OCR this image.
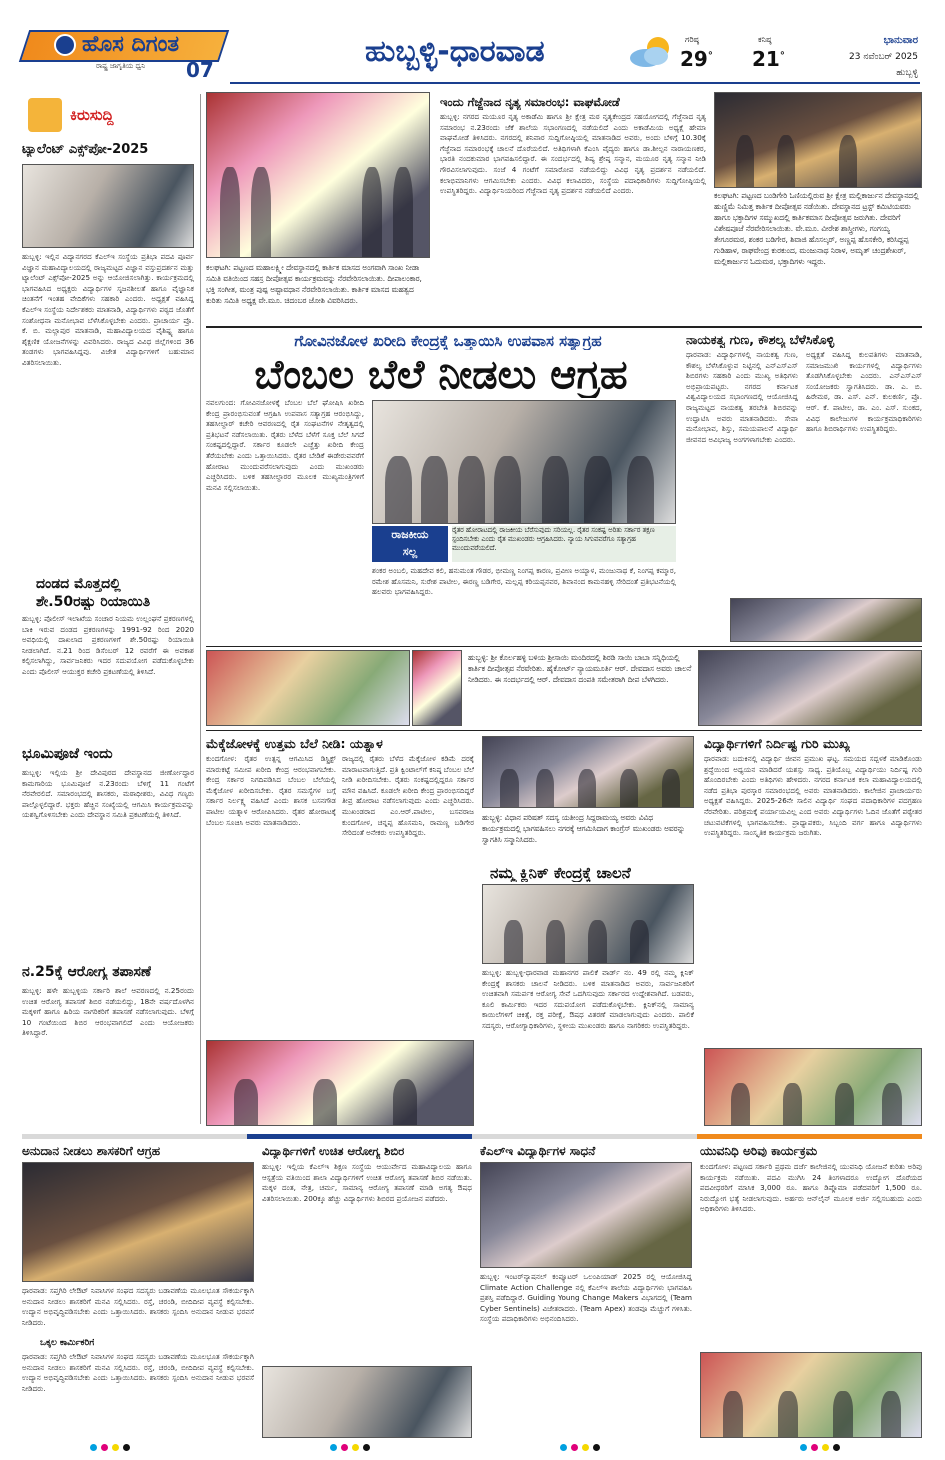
ಹೊಸ ದಿಗಂತ
ರಾಷ್ಟ್ರ ಜಾಗೃತಿಯ ಧ್ವನಿ 07
ಹುಬ್ಬಳ್ಳಿ-ಧಾರವಾಡ	ಗರಿಷ್ಠ
29°
ಕನಿಷ್ಠ
21°
ಭಾನುವಾರ
23 ನವೆಂಬರ್ 2025
ಹುಬ್ಬಳ್ಳಿ
ಕಿರುಸುದ್ದಿ
ಟ್ಯಾಲೆಂಟ್ ಎಕ್ಸ್‌ಪೋ-2025
ಹುಬ್ಬಳ್ಳಿ: ಇಲ್ಲಿನ ವಿದ್ಯಾನಗರದ ಕೆಎಲ್‌ಇ ಸಂಸ್ಥೆಯ ಪ್ರತಿಭಾ ಪದವಿ ಪೂರ್ವ ವಿಜ್ಞಾನ ಮಹಾವಿದ್ಯಾಲಯದಲ್ಲಿ ರಾಜ್ಯಮಟ್ಟದ ವಿಜ್ಞಾನ ವಸ್ತುಪ್ರದರ್ಶನ ಮತ್ತು ಟ್ಯಾಲೆಂಟ್ ಎಕ್ಸ್‌ಪೋ-2025 ಅನ್ನು ಆಯೋಜಿಸಲಾಗಿತ್ತು. ಕಾರ್ಯಕ್ರಮದಲ್ಲಿ ಭಾಗವಹಿಸಿದ ಅಧ್ಯಕ್ಷರು ವಿದ್ಯಾರ್ಥಿಗಳ ಸೃಜನಶೀಲತೆ ಹಾಗೂ ವೈಜ್ಞಾನಿಕ ಚಿಂತನೆಗೆ ಇಂತಹ ವೇದಿಕೆಗಳು ಸಹಕಾರಿ ಎಂದರು. ಅಧ್ಯಕ್ಷತೆ ವಹಿಸಿದ್ದ ಕೆಎಲ್‌ಇ ಸಂಸ್ಥೆಯ ನಿರ್ದೇಶಕರು ಮಾತನಾಡಿ, ವಿದ್ಯಾರ್ಥಿಗಳು ಪಠ್ಯದ ಜೊತೆಗೆ ಸಂಶೋಧನಾ ಮನೋಭಾವ ಬೆಳೆಸಿಕೊಳ್ಳಬೇಕು ಎಂದರು. ಪ್ರಾಚಾರ್ಯ ಪ್ರೊ. ಕೆ. ಬಿ. ಮಲ್ಲಾಪುರ ಮಾತನಾಡಿ, ಮಹಾವಿದ್ಯಾಲಯದ ವೈಶಿಷ್ಟ್ಯ ಹಾಗೂ ಶೈಕ್ಷಣಿಕ ಯೋಜನೆಗಳನ್ನು ವಿವರಿಸಿದರು. ರಾಜ್ಯದ ವಿವಿಧ ಜಿಲ್ಲೆಗಳಿಂದ 36 ತಂಡಗಳು ಭಾಗವಹಿಸಿದ್ದವು. ವಿಜೇತ ವಿದ್ಯಾರ್ಥಿಗಳಿಗೆ ಬಹುಮಾನ ವಿತರಿಸಲಾಯಿತು.
ದಂಡದ ಮೊತ್ತದಲ್ಲಿ
ಶೇ.50ರಷ್ಟು ರಿಯಾಯಿತಿ
ಹುಬ್ಬಳ್ಳಿ: ಪೊಲೀಸ್ ಇಲಾಖೆಯ ಸಂಚಾರ ನಿಯಮ ಉಲ್ಲಂಘನೆ ಪ್ರಕರಣಗಳಲ್ಲಿ ಬಾಕಿ ಇರುವ ದಂಡದ ಪ್ರಕರಣಗಳನ್ನು 1991-92 ರಿಂದ 2020 ಅವಧಿಯಲ್ಲಿ ದಾಖಲಾದ ಪ್ರಕರಣಗಳಿಗೆ ಶೇ.50ರಷ್ಟು ರಿಯಾಯಿತಿ ನೀಡಲಾಗಿದೆ. ನ.21 ರಿಂದ ಡಿಸೆಂಬರ್ 12 ರವರೆಗೆ ಈ ಅವಕಾಶ ಕಲ್ಪಿಸಲಾಗಿದ್ದು, ಸಾರ್ವಜನಿಕರು ಇದರ ಸದುಪಯೋಗ ಪಡೆದುಕೊಳ್ಳಬೇಕು ಎಂದು ಪೊಲೀಸ್ ಆಯುಕ್ತರ ಕಚೇರಿ ಪ್ರಕಟಣೆಯಲ್ಲಿ ತಿಳಿಸಿದೆ.
ಭೂಮಿಪೂಜೆ ಇಂದು
ಹುಬ್ಬಳ್ಳಿ: ಇಲ್ಲಿಯ ಶ್ರೀ ದೇವಿಪುರದ ದೇವಸ್ಥಾನದ ಜೀರ್ಣೋದ್ಧಾರ ಕಾಮಗಾರಿಯ ಭೂಮಿಪೂಜೆ ನ.23ರಂದು ಬೆಳಿಗ್ಗೆ 11 ಗಂಟೆಗೆ ನೆರವೇರಲಿದೆ. ಸಮಾರಂಭದಲ್ಲಿ ಶಾಸಕರು, ಮಠಾಧೀಶರು, ವಿವಿಧ ಗಣ್ಯರು ಪಾಲ್ಗೊಳ್ಳಲಿದ್ದಾರೆ. ಭಕ್ತರು ಹೆಚ್ಚಿನ ಸಂಖ್ಯೆಯಲ್ಲಿ ಆಗಮಿಸಿ ಕಾರ್ಯಕ್ರಮವನ್ನು ಯಶಸ್ವಿಗೊಳಿಸಬೇಕು ಎಂದು ದೇವಸ್ಥಾನ ಸಮಿತಿ ಪ್ರಕಟಣೆಯಲ್ಲಿ ತಿಳಿಸಿದೆ.
ನ.25ಕ್ಕೆ ಆರೋಗ್ಯ ತಪಾಸಣೆ
ಹುಬ್ಬಳ್ಳಿ: ಹಳೇ ಹುಬ್ಬಳ್ಳಿಯ ಸರ್ಕಾರಿ ಶಾಲೆ ಆವರಣದಲ್ಲಿ ನ.25ರಂದು ಉಚಿತ ಆರೋಗ್ಯ ತಪಾಸಣೆ ಶಿಬಿರ ನಡೆಯಲಿದ್ದು, 18ನೇ ವರ್ಷದೊಳಗಿನ ಮಕ್ಕಳಿಗೆ ಹಾಗೂ ಹಿರಿಯ ನಾಗರಿಕರಿಗೆ ತಪಾಸಣೆ ನಡೆಸಲಾಗುವುದು. ಬೆಳಿಗ್ಗೆ 10 ಗಂಟೆಯಿಂದ ಶಿಬಿರ ಆರಂಭವಾಗಲಿದೆ ಎಂದು ಆಯೋಜಕರು ತಿಳಿಸಿದ್ದಾರೆ.
ಕಲಘಟಗಿ: ಪಟ್ಟಣದ ಮಹಾಲಕ್ಷ್ಮೀ ದೇವಸ್ಥಾನದಲ್ಲಿ ಕಾರ್ತಿಕ ಮಾಸದ ಅಂಗವಾಗಿ ಸಾಂಖ ನೀಡಾ ಸಮಿತಿ ವತಿಯಿಂದ ಸಹಸ್ರ ದೀಪೋತ್ಸವ ಕಾರ್ಯಕ್ರಮವನ್ನು ನೆರವೇರಿಸಲಾಯಿತು. ದೀಪಾಲಂಕಾರ, ಭಕ್ತಿ ಸಂಗೀತ, ಮಂತ್ರ ಪುಷ್ಪ ಅಷ್ಟಾವಧಾನ ನೆರವೇರಿಸಲಾಯಿತು. ಕಾರ್ತಿಕ ಮಾಸದ ಮಹತ್ವದ ಕುರಿತು ಸಮಿತಿ ಅಧ್ಯಕ್ಷ ವೇ.ಮೂ. ಚಿದಂಬರ ಜೋಶಿ ವಿವರಿಸಿದರು.
ಇಂದು ಗೆಜ್ಜೆನಾದ ನೃತ್ಯ ಸಮಾರಂಭ: ವಾಘಮೋಡೆ
ಹುಬ್ಬಳ್ಳಿ: ನಗರದ ಮಯೂರ ನೃತ್ಯ ಅಕಾಡೆಮಿ ಹಾಗೂ ಶ್ರೀ ಕ್ಷೇತ್ರ ಮಠ ನೃತ್ಯಕೇಂದ್ರದ ಸಹಯೋಗದಲ್ಲಿ ಗೆಜ್ಜೆನಾದ ನೃತ್ಯ ಸಮಾರಂಭ ನ.23ರಂದು ಜೆಕೆ ಶಾಲೆಯ ಸಭಾಂಗಣದಲ್ಲಿ ನಡೆಯಲಿದೆ ಎಂದು ಅಕಾಡೆಮಿಯ ಅಧ್ಯಕ್ಷೆ ಹೇಮಾ ವಾಘಮೋಡೆ ತಿಳಿಸಿದರು. ನಗರದಲ್ಲಿ ಶನಿವಾರ ಸುದ್ದಿಗೋಷ್ಠಿಯಲ್ಲಿ ಮಾತನಾಡಿದ ಅವರು, ಅಂದು ಬೆಳಿಗ್ಗೆ 10.30ಕ್ಕೆ ಗೆಜ್ಜೆನಾದ ಸಮಾರಂಭಕ್ಕೆ ಚಾಲನೆ ದೊರೆಯಲಿದೆ. ಅತಿಥಿಗಳಾಗಿ ಕೆಎಂಸಿ ವೈದ್ಯರು ಹಾಗೂ ಡಾ.ಶೀಲ್ಪನ ನಾರಾಯಣಕರ, ಭಾರತಿ ನಂದಕುಮಾರ ಭಾಗವಹಿಸಲಿದ್ದಾರೆ. ಈ ಸಂದರ್ಭದಲ್ಲಿ ಶಿಷ್ಯ ಶ್ರೇಷ್ಠ ಸನ್ಮಾನ, ಮಯೂರ ನೃತ್ಯ ಸನ್ಮಾನ ನೀಡಿ ಗೌರವಿಸಲಾಗುವುದು. ಸಂಜೆ 4 ಗಂಟೆಗೆ ಸಮಾರೋಪ ನಡೆಯಲಿದ್ದು ವಿವಿಧ ನೃತ್ಯ ಪ್ರದರ್ಶನ ನಡೆಯಲಿದೆ. ಕಲಾಭಿಮಾನಿಗಳು ಆಗಮಿಸಬೇಕು ಎಂದರು. ವಿವಿಧ ಕಲಾವಿದರು, ಸಂಸ್ಥೆಯ ಪದಾಧಿಕಾರಿಗಳು ಸುದ್ದಿಗೋಷ್ಠಿಯಲ್ಲಿ ಉಪಸ್ಥಿತರಿದ್ದರು. ವಿದ್ಯಾರ್ಥಿನಿಯರಿಂದ ಗೆಜ್ಜೆನಾದ ನೃತ್ಯ ಪ್ರದರ್ಶನ ನಡೆಯಲಿದೆ ಎಂದರು.
ಕಲಘಟಗಿ: ಪಟ್ಟಣದ ಬಂಡಿಗೇರಿ ಓಣಿಯಲ್ಲಿರುವ ಶ್ರೀ ಕ್ಷೇತ್ರ ಮಲ್ಲಿಕಾರ್ಜುನ ದೇವಸ್ಥಾನದಲ್ಲಿ ಹುಣ್ಣಿಮೆ ನಿಮಿತ್ತ ಕಾರ್ತಿಕ ದೀಪೋತ್ಸವ ನಡೆಯಿತು. ದೇವಸ್ಥಾನದ ಟ್ರಸ್ಟ್ ಕಮಿಟಿಯವರು ಹಾಗೂ ಭಕ್ತಾದಿಗಳ ಸಮ್ಮುಖದಲ್ಲಿ ಕಾರ್ತಿಕಮಾಸ ದೀಪೋತ್ಸವ ಜರುಗಿತು. ದೇವರಿಗೆ ವಿಶೇಷಪೂಜೆ ನೆರವೇರಿಸಲಾಯಿತು. ವೇ.ಮೂ. ವೀರೇಶ ಶಾಸ್ತ್ರೀಗಳು, ಗಂಗಯ್ಯ ತೇಗೂರಮಠ, ಶಂಕರ ಬಡಿಗೇರ, ಶಿವಾಜಿ ಹೊಸಲ್ಕರ್, ಅಣ್ಣಪ್ಪ ಹೊಸಕೇರಿ, ಕರಿಸಿದ್ದಪ್ಪ ಗುಡಿಹಾಳ, ರಾಘವೇಂದ್ರ ಕುರಕುಂದ, ಮಂಜುನಾಥ ನಿರಾಳ, ಅಮೃತ್ ಚಂದ್ರಶೇಖರ್, ಮಲ್ಲಿಕಾರ್ಜುನ ಓದುಮಠ, ಭಕ್ತಾದಿಗಳು ಇದ್ದರು.
ಗೋವಿನಜೋಳ ಖರೀದಿ ಕೇಂದ್ರಕ್ಕೆ ಒತ್ತಾಯಿಸಿ ಉಪವಾಸ ಸತ್ಯಾಗ್ರಹ
ಬೆಂಬಲ ಬೆಲೆ ನೀಡಲು ಆಗ್ರಹ
ನವಲಗುಂದ: ಗೋವಿನಜೋಳಕ್ಕೆ ಬೆಂಬಲ ಬೆಲೆ ಘೋಷಿಸಿ ಖರೀದಿ ಕೇಂದ್ರ ಪ್ರಾರಂಭಿಸುವಂತೆ ಆಗ್ರಹಿಸಿ ಉಪವಾಸ ಸತ್ಯಾಗ್ರಹ ಆರಂಭಿಸಿದ್ದು, ತಹಸೀಲ್ದಾರ್ ಕಚೇರಿ ಆವರಣದಲ್ಲಿ ರೈತ ಸಂಘಟನೆಗಳ ನೇತೃತ್ವದಲ್ಲಿ ಪ್ರತಿಭಟನೆ ನಡೆಸಲಾಯಿತು. ರೈತರು ಬೆಳೆದ ಬೆಳೆಗೆ ಸೂಕ್ತ ಬೆಲೆ ಸಿಗದೆ ಸಂಕಷ್ಟದಲ್ಲಿದ್ದಾರೆ. ಸರ್ಕಾರ ಕೂಡಲೇ ಎಚ್ಚೆತ್ತು ಖರೀದಿ ಕೇಂದ್ರ ತೆರೆಯಬೇಕು ಎಂದು ಒತ್ತಾಯಿಸಿದರು. ರೈತರ ಬೇಡಿಕೆ ಈಡೇರುವವರೆಗೆ ಹೋರಾಟ ಮುಂದುವರೆಸಲಾಗುವುದು ಎಂದು ಮುಖಂಡರು ಎಚ್ಚರಿಸಿದರು. ಬಳಿಕ ತಹಸೀಲ್ದಾರರ ಮೂಲಕ ಮುಖ್ಯಮಂತ್ರಿಗಳಿಗೆ ಮನವಿ ಸಲ್ಲಿಸಲಾಯಿತು.
ರಾಜಕೀಯ
ಸಲ್ಲ
ರೈತರ ಹೋರಾಟದಲ್ಲಿ ರಾಜಕೀಯ ಬೆರೆಸುವುದು ಸರಿಯಲ್ಲ. ರೈತರ ಸಂಕಷ್ಟ ಅರಿತು ಸರ್ಕಾರ ತಕ್ಷಣ ಸ್ಪಂದಿಸಬೇಕು ಎಂದು ರೈತ ಮುಖಂಡರು ಆಗ್ರಹಿಸಿದರು. ನ್ಯಾಯ ಸಿಗುವವರೆಗೂ ಸತ್ಯಾಗ್ರಹ ಮುಂದುವರೆಯಲಿದೆ.
ಶಂಕರ ಅಂಬಲಿ, ಮಹದೇವ ಕಲಿ, ಹನುಮಂತ ಗೌಡರ, ಭೀಮಣ್ಣ ನಿಂಗಪ್ಪ ಕಾರಣ, ಪ್ರವೀಣ ಅಯ್ಯಾಳ, ಮಂಜುನಾಥ ಕೆ, ನಿಂಗಪ್ಪ ಕಮ್ಮಾರ, ರಮೇಶ ಹೊಸಮನಿ, ಸುರೇಶ ಪಾಟೀಲ, ಈರಣ್ಣ ಬಡಿಗೇರ, ಮಲ್ಲಪ್ಪ ಕರಿಯಪ್ಪನವರ, ಶಿವಾನಂದ ಕಾಮನಹಳ್ಳಿ ಸೇರಿದಂತೆ ಪ್ರತಿಭಟನೆಯಲ್ಲಿ ಹಲವರು ಭಾಗವಹಿಸಿದ್ದರು.
ನಾಯಕತ್ವ ಗುಣ, ಕೌಶಲ್ಯ ಬೆಳೆಸಿಕೊಳ್ಳಿ
ಧಾರವಾಡ: ವಿದ್ಯಾರ್ಥಿಗಳಲ್ಲಿ ನಾಯಕತ್ವ ಗುಣ, ಕೌಶಲ್ಯ ಬೆಳೆಸಿಕೊಳ್ಳುವ ನಿಟ್ಟಿನಲ್ಲಿ ಎನ್‌ಎಸ್‌ಎಸ್ ಶಿಬಿರಗಳು ಸಹಕಾರಿ ಎಂದು ಮುಖ್ಯ ಅತಿಥಿಗಳು ಅಭಿಪ್ರಾಯಪಟ್ಟರು. ನಗರದ ಕರ್ನಾಟಕ ವಿಶ್ವವಿದ್ಯಾಲಯದ ಸಭಾಂಗಣದಲ್ಲಿ ಆಯೋಜಿಸಿದ್ದ ರಾಜ್ಯಮಟ್ಟದ ನಾಯಕತ್ವ ತರಬೇತಿ ಶಿಬಿರವನ್ನು ಉದ್ಘಾಟಿಸಿ ಅವರು ಮಾತನಾಡಿದರು. ಸೇವಾ ಮನೋಭಾವ, ಶಿಸ್ತು, ಸಮಯಪಾಲನೆ ವಿದ್ಯಾರ್ಥಿ ಜೀವನದ ಅವಿಭಾಜ್ಯ ಅಂಗಗಳಾಗಬೇಕು ಎಂದರು.
ಅಧ್ಯಕ್ಷತೆ ವಹಿಸಿದ್ದ ಕುಲಪತಿಗಳು ಮಾತನಾಡಿ, ಸಮಾಜಮುಖಿ ಕಾರ್ಯಗಳಲ್ಲಿ ವಿದ್ಯಾರ್ಥಿಗಳು ತೊಡಗಿಸಿಕೊಳ್ಳಬೇಕು ಎಂದರು. ಎನ್‌ಎಸ್‌ಎಸ್ ಸಂಯೋಜಕರು ಸ್ವಾಗತಿಸಿದರು. ಡಾ. ಎ. ಬಿ. ಹಿರೇಮಠ, ಡಾ. ಎಸ್. ಎನ್. ಕುಲಕರ್ಣಿ, ಪ್ರೊ. ಆರ್. ಕೆ. ಪಾಟೀಲ, ಡಾ. ಎಂ. ಎಸ್. ಸುಂಕದ, ವಿವಿಧ ಕಾಲೇಜುಗಳ ಕಾರ್ಯಕ್ರಮಾಧಿಕಾರಿಗಳು ಹಾಗೂ ಶಿಬಿರಾರ್ಥಿಗಳು ಉಪಸ್ಥಿತರಿದ್ದರು.
ಹುಬ್ಬಳ್ಳಿ: ಶ್ರೀ ಕೊರ್ಲಹಳ್ಳಿ ಬಳಿಯ ಶ್ರೀಸಾಯಿ ಮಂದಿರದಲ್ಲಿ ಶಿರಡಿ ಸಾಯಿ ಬಾಬಾ ಸನ್ನಿಧಿಯಲ್ಲಿ ಕಾರ್ತಿಕ ದೀಪೋತ್ಸವ ನೆರವೇರಿತು. ಹೈಕೋರ್ಟ್ ನ್ಯಾಯಮೂರ್ತಿ ಆರ್. ದೇವದಾಸ ಅವರು ಚಾಲನೆ ನೀಡಿದರು. ಈ ಸಂದರ್ಭದಲ್ಲಿ ಆರ್. ದೇವದಾಸ ದಂಪತಿ ಸಮೇತರಾಗಿ ದೀಪ ಬೆಳಗಿದರು.
ಮೆಕ್ಕೆಜೋಳಕ್ಕೆ ಉತ್ತಮ ಬೆಲೆ ನೀಡಿ: ಯತ್ನಾಳ
ಕುಂದಗೋಳ: ರೈತರ ಉತ್ಪನ್ನ ಆಗಮಿಸಿದ ಡಿಸ್ಟ್ರಿಕ್ಟ್ ಮಾರುಕಟ್ಟೆ ಸಮೀಪ ಖರೀದಿ ಕೇಂದ್ರ ಆರಂಭವಾಗಬೇಕು. ಕೇಂದ್ರ ಸರ್ಕಾರ ನಿಗದಿಪಡಿಸಿದ ಬೆಂಬಲ ಬೆಲೆಯಲ್ಲಿ ಮೆಕ್ಕೆಜೋಳ ಖರೀದಿಸಬೇಕು. ರೈತರ ಸಮಸ್ಯೆಗಳ ಬಗ್ಗೆ ಸರ್ಕಾರ ನಿರ್ಲಕ್ಷ್ಯ ವಹಿಸಿದೆ ಎಂದು ಶಾಸಕ ಬಸನಗೌಡ ಪಾಟೀಲ ಯತ್ನಾಳ ಆರೋಪಿಸಿದರು. ರೈತರ ಹೋರಾಟಕ್ಕೆ ಬೆಂಬಲ ಸೂಚಿಸಿ ಅವರು ಮಾತನಾಡಿದರು.
ರಾಜ್ಯದಲ್ಲಿ ರೈತರು ಬೆಳೆದ ಮೆಕ್ಕೆಜೋಳ ಕಡಿಮೆ ದರಕ್ಕೆ ಮಾರಾಟವಾಗುತ್ತಿದೆ. ಪ್ರತಿ ಕ್ವಿಂಟಾಲ್‌ಗೆ ಕನಿಷ್ಠ ಬೆಂಬಲ ಬೆಲೆ ನೀಡಿ ಖರೀದಿಸಬೇಕು. ರೈತರು ಸಂಕಷ್ಟದಲ್ಲಿದ್ದರೂ ಸರ್ಕಾರ ಮೌನ ವಹಿಸಿದೆ. ಕೂಡಲೇ ಖರೀದಿ ಕೇಂದ್ರ ಪ್ರಾರಂಭಿಸದಿದ್ದರೆ ತೀವ್ರ ಹೋರಾಟ ನಡೆಸಲಾಗುವುದು ಎಂದು ಎಚ್ಚರಿಸಿದರು. ಮುಖಂಡರಾದ ಎಂ.ಆರ್.ಪಾಟೀಲ, ಬಸವರಾಜ ಕುಂದಗೋಳ, ಚನ್ನಪ್ಪ ಹೊಸಮನಿ, ರಾಮಣ್ಣ ಬಡಿಗೇರ ಸೇರಿದಂತೆ ಅನೇಕರು ಉಪಸ್ಥಿತರಿದ್ದರು.
ಹುಬ್ಬಳ್ಳಿ: ವಿಧಾನ ಪರಿಷತ್ ಸದಸ್ಯ ಯತೀಂದ್ರ ಸಿದ್ದರಾಮಯ್ಯ ಅವರು ವಿವಿಧ ಕಾರ್ಯಕ್ರಮದಲ್ಲಿ ಭಾಗವಹಿಸಲು ನಗರಕ್ಕೆ ಆಗಮಿಸಿದಾಗ ಕಾಂಗ್ರೆಸ್ ಮುಖಂಡರು ಅವರನ್ನು ಸ್ವಾಗತಿಸಿ ಸನ್ಮಾನಿಸಿದರು.
ನಮ್ಮ ಕ್ಲಿನಿಕ್ ಕೇಂದ್ರಕ್ಕೆ ಚಾಲನೆ
ಹುಬ್ಬಳ್ಳಿ: ಹುಬ್ಬಳ್ಳಿ-ಧಾರವಾಡ ಮಹಾನಗರ ಪಾಲಿಕೆ ವಾರ್ಡ್ ನಂ. 49 ರಲ್ಲಿ ನಮ್ಮ ಕ್ಲಿನಿಕ್ ಕೇಂದ್ರಕ್ಕೆ ಶಾಸಕರು ಚಾಲನೆ ನೀಡಿದರು. ಬಳಿಕ ಮಾತನಾಡಿದ ಅವರು, ಸಾರ್ವಜನಿಕರಿಗೆ ಉಚಿತವಾಗಿ ಸಮರ್ಪಕ ಆರೋಗ್ಯ ಸೇವೆ ಒದಗಿಸುವುದು ಸರ್ಕಾರದ ಉದ್ದೇಶವಾಗಿದೆ. ಬಡವರು, ಕೂಲಿ ಕಾರ್ಮಿಕರು ಇದರ ಸದುಪಯೋಗ ಪಡೆದುಕೊಳ್ಳಬೇಕು. ಕ್ಲಿನಿಕ್‌ನಲ್ಲಿ ಸಾಮಾನ್ಯ ಕಾಯಿಲೆಗಳಿಗೆ ಚಿಕಿತ್ಸೆ, ರಕ್ತ ಪರೀಕ್ಷೆ, ಔಷಧ ವಿತರಣೆ ಮಾಡಲಾಗುವುದು ಎಂದರು. ಪಾಲಿಕೆ ಸದಸ್ಯರು, ಆರೋಗ್ಯಾಧಿಕಾರಿಗಳು, ಸ್ಥಳೀಯ ಮುಖಂಡರು ಹಾಗೂ ನಾಗರಿಕರು ಉಪಸ್ಥಿತರಿದ್ದರು.
ವಿದ್ಯಾರ್ಥಿಗಳಿಗೆ ನಿರ್ದಿಷ್ಟ ಗುರಿ ಮುಖ್ಯ
ಧಾರವಾಡ: ಬದುಕಿನಲ್ಲಿ ವಿದ್ಯಾರ್ಥಿ ಜೀವನ ಪ್ರಮುಖ ಘಟ್ಟ. ಸಮಯದ ಸದ್ಬಳಕೆ ಮಾಡಿಕೊಂಡು ಶ್ರದ್ಧೆಯಿಂದ ಅಧ್ಯಯನ ಮಾಡಿದರೆ ಯಶಸ್ಸು ಸಾಧ್ಯ. ಪ್ರತಿಯೊಬ್ಬ ವಿದ್ಯಾರ್ಥಿಯು ನಿರ್ದಿಷ್ಟ ಗುರಿ ಹೊಂದಿರಬೇಕು ಎಂದು ಅತಿಥಿಗಳು ಹೇಳಿದರು. ನಗರದ ಕರ್ನಾಟಕ ಕಲಾ ಮಹಾವಿದ್ಯಾಲಯದಲ್ಲಿ ನಡೆದ ಪ್ರತಿಭಾ ಪುರಸ್ಕಾರ ಸಮಾರಂಭದಲ್ಲಿ ಅವರು ಮಾತನಾಡಿದರು. ಕಾಲೇಜಿನ ಪ್ರಾಚಾರ್ಯರು ಅಧ್ಯಕ್ಷತೆ ವಹಿಸಿದ್ದರು. 2025-26ನೇ ಸಾಲಿನ ವಿದ್ಯಾರ್ಥಿ ಸಂಘದ ಪದಾಧಿಕಾರಿಗಳ ಪದಗ್ರಹಣ ನೆರವೇರಿತು. ಪರಿಶ್ರಮಕ್ಕೆ ಪರ್ಯಾಯವಿಲ್ಲ ಎಂದ ಅವರು ವಿದ್ಯಾರ್ಥಿಗಳು ಓದಿನ ಜೊತೆಗೆ ಪಠ್ಯೇತರ ಚಟುವಟಿಕೆಗಳಲ್ಲಿ ಭಾಗವಹಿಸಬೇಕು. ಪ್ರಾಧ್ಯಾಪಕರು, ಸಿಬ್ಬಂದಿ ವರ್ಗ ಹಾಗೂ ವಿದ್ಯಾರ್ಥಿಗಳು ಉಪಸ್ಥಿತರಿದ್ದರು. ಸಾಂಸ್ಕೃತಿಕ ಕಾರ್ಯಕ್ರಮ ಜರುಗಿತು.
ಅನುದಾನ ನೀಡಲು ಶಾಸಕರಿಗೆ ಆಗ್ರಹ
ಧಾರವಾಡ: ಸಪ್ತಗಿರಿ ಲೇಔಟ್ ನಿವಾಸಿಗಳ ಸಂಘದ ಸದಸ್ಯರು ಬಡಾವಣೆಯ ಮೂಲಭೂತ ಸೌಕರ್ಯಕ್ಕಾಗಿ ಅನುದಾನ ನೀಡಲು ಶಾಸಕರಿಗೆ ಮನವಿ ಸಲ್ಲಿಸಿದರು. ರಸ್ತೆ, ಚರಂಡಿ, ಬೀದಿದೀಪ ವ್ಯವಸ್ಥೆ ಕಲ್ಪಿಸಬೇಕು. ಉದ್ಯಾನ ಅಭಿವೃದ್ಧಿಪಡಿಸಬೇಕು ಎಂದು ಒತ್ತಾಯಿಸಿದರು. ಶಾಸಕರು ಸ್ಪಂದಿಸಿ ಅನುದಾನ ನೀಡುವ ಭರವಸೆ ನೀಡಿದರು.
ಒಕ್ಕಲ ಕಾರ್ಮಿಕರಿಗೆ
ಧಾರವಾಡ: ಸಪ್ತಗಿರಿ ಲೇಔಟ್ ನಿವಾಸಿಗಳ ಸಂಘದ ಸದಸ್ಯರು ಬಡಾವಣೆಯ ಮೂಲಭೂತ ಸೌಕರ್ಯಕ್ಕಾಗಿ ಅನುದಾನ ನೀಡಲು ಶಾಸಕರಿಗೆ ಮನವಿ ಸಲ್ಲಿಸಿದರು. ರಸ್ತೆ, ಚರಂಡಿ, ಬೀದಿದೀಪ ವ್ಯವಸ್ಥೆ ಕಲ್ಪಿಸಬೇಕು. ಉದ್ಯಾನ ಅಭಿವೃದ್ಧಿಪಡಿಸಬೇಕು ಎಂದು ಒತ್ತಾಯಿಸಿದರು. ಶಾಸಕರು ಸ್ಪಂದಿಸಿ ಅನುದಾನ ನೀಡುವ ಭರವಸೆ ನೀಡಿದರು.
ವಿದ್ಯಾರ್ಥಿಗಳಿಗೆ ಉಚಿತ ಆರೋಗ್ಯ ಶಿಬಿರ
ಹುಬ್ಬಳ್ಳಿ: ಇಲ್ಲಿಯ ಕೆಎಲ್‌ಇ ಶಿಕ್ಷಣ ಸಂಸ್ಥೆಯ ಆಯುರ್ವೇದ ಮಹಾವಿದ್ಯಾಲಯ ಹಾಗೂ ಆಸ್ಪತ್ರೆಯ ವತಿಯಿಂದ ಶಾಲಾ ವಿದ್ಯಾರ್ಥಿಗಳಿಗೆ ಉಚಿತ ಆರೋಗ್ಯ ತಪಾಸಣೆ ಶಿಬಿರ ನಡೆಯಿತು. ಮಕ್ಕಳ ದಂತ, ನೇತ್ರ, ಚರ್ಮ, ಸಾಮಾನ್ಯ ಆರೋಗ್ಯ ತಪಾಸಣೆ ಮಾಡಿ ಅಗತ್ಯ ಔಷಧ ವಿತರಿಸಲಾಯಿತು. 200ಕ್ಕೂ ಹೆಚ್ಚು ವಿದ್ಯಾರ್ಥಿಗಳು ಶಿಬಿರದ ಪ್ರಯೋಜನ ಪಡೆದರು.
ಕೆಎಲ್‌ಇ ವಿದ್ಯಾರ್ಥಿಗಳ ಸಾಧನೆ
ಹುಬ್ಬಳ್ಳಿ: ಇಂಟರ್‌ನ್ಯಾಷನಲ್ ಕಂಪ್ಯೂಟರ್ ಒಲಂಪಿಯಾಡ್ 2025 ರಲ್ಲಿ ಆಯೋಜಿಸಿದ್ದ Climate Action Challenge ನಲ್ಲಿ ಕೆಎಲ್‌ಇ ಶಾಲೆಯ ವಿದ್ಯಾರ್ಥಿಗಳು ಭಾಗವಹಿಸಿ ಪ್ರಶಸ್ತಿ ಪಡೆದಿದ್ದಾರೆ. Guiding Young Change Makers ವಿಭಾಗದಲ್ಲಿ (Team Cyber Sentinels) ವಿಜೇತರಾದರು. (Team Apex) ತಂಡವೂ ಮೆಚ್ಚುಗೆ ಗಳಿಸಿತು. ಸಂಸ್ಥೆಯ ಪದಾಧಿಕಾರಿಗಳು ಅಭಿನಂದಿಸಿದರು.
ಯುವನಿಧಿ ಅರಿವು ಕಾರ್ಯಕ್ರಮ
ಕುಂದಗೋಳ: ಪಟ್ಟಣದ ಸರ್ಕಾರಿ ಪ್ರಥಮ ದರ್ಜೆ ಕಾಲೇಜಿನಲ್ಲಿ ಯುವನಿಧಿ ಯೋಜನೆ ಕುರಿತು ಅರಿವು ಕಾರ್ಯಕ್ರಮ ನಡೆಯಿತು. ಪದವಿ ಮುಗಿಸಿ 24 ತಿಂಗಳಾದರೂ ಉದ್ಯೋಗ ದೊರೆಯದ ಪದವೀಧರರಿಗೆ ಮಾಸಿಕ 3,000 ರೂ. ಹಾಗೂ ಡಿಪ್ಲೊಮಾ ಪಡೆದವರಿಗೆ 1,500 ರೂ. ನಿರುದ್ಯೋಗ ಭತ್ಯೆ ನೀಡಲಾಗುವುದು. ಅರ್ಹರು ಆನ್‌ಲೈನ್ ಮೂಲಕ ಅರ್ಜಿ ಸಲ್ಲಿಸಬಹುದು ಎಂದು ಅಧಿಕಾರಿಗಳು ತಿಳಿಸಿದರು.
